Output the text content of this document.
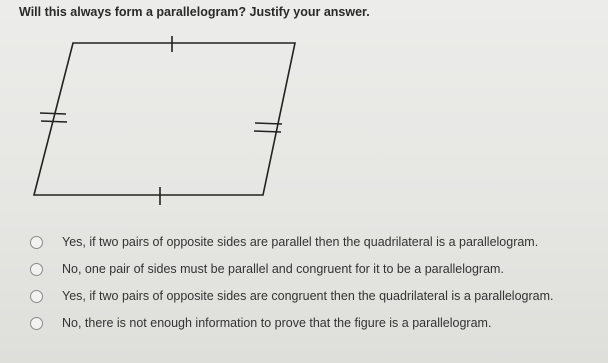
Will this always form a parallelogram? Justify your answer.
Yes, if two pairs of opposite sides are parallel then the quadrilateral is a parallelogram.
No, one pair of sides must be parallel and congruent for it to be a parallelogram.
Yes, if two pairs of opposite sides are congruent then the quadrilateral is a parallelogram.
No, there is not enough information to prove that the ﬁgure is a parallelogram.
